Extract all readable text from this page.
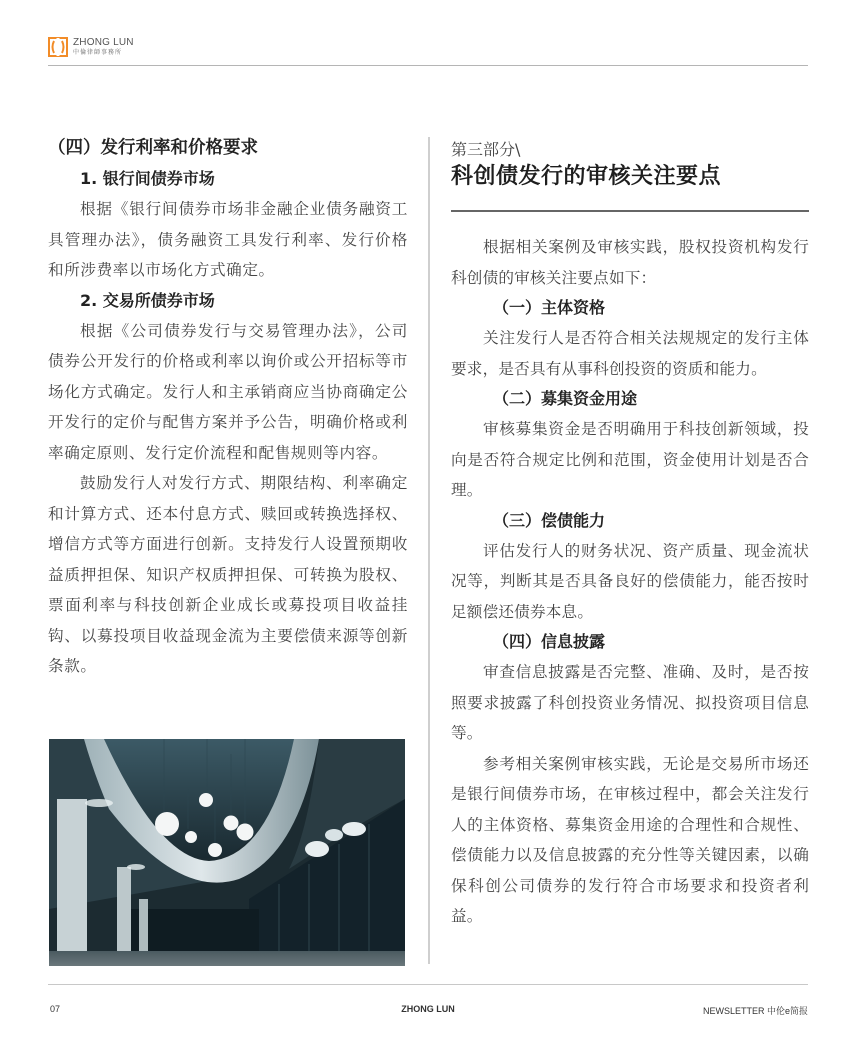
ZHONG LUN
中倫律師事務所
（四）发行利率和价格要求
1. 银行间债券市场

根据《银行间债券市场非金融企业债务融资工具管理办法》，债务融资工具发行利率、发行价格和所涉费率以市场化方式确定。

2. 交易所债券市场

根据《公司债券发行与交易管理办法》，公司债券公开发行的价格或利率以询价或公开招标等市场化方式确定。发行人和主承销商应当协商确定公开发行的定价与配售方案并予公告，明确价格或利率确定原则、发行定价流程和配售规则等内容。

鼓励发行人对发行方式、期限结构、利率确定和计算方式、还本付息方式、赎回或转换选择权、增信方式等方面进行创新。支持发行人设置预期收益质押担保、知识产权质押担保、可转换为股权、票面利率与科技创新企业成长或募投项目收益挂钩、以募投项目收益现金流为主要偿债来源等创新条款。

第三部分\
科创债发行的审核关注要点

根据相关案例及审核实践，股权投资机构发行科创债的审核关注要点如下：

（一）主体资格

关注发行人是否符合相关法规规定的发行主体要求，是否具有从事科创投资的资质和能力。

（二）募集资金用途

审核募集资金是否明确用于科技创新领域，投向是否符合规定比例和范围，资金使用计划是否合理。

（三）偿债能力

评估发行人的财务状况、资产质量、现金流状况等，判断其是否具备良好的偿债能力，能否按时足额偿还债券本息。

（四）信息披露

审查信息披露是否完整、准确、及时，是否按照要求披露了科创投资业务情况、拟投资项目信息等。

参考相关案例审核实践，无论是交易所市场还是银行间债券市场，在审核过程中，都会关注发行人的主体资格、募集资金用途的合理性和合规性、偿债能力以及信息披露的充分性等关键因素，以确保科创公司债券的发行符合市场要求和投资者利益。

07	ZHONG LUN	NEWSLETTER 中伦e简报
